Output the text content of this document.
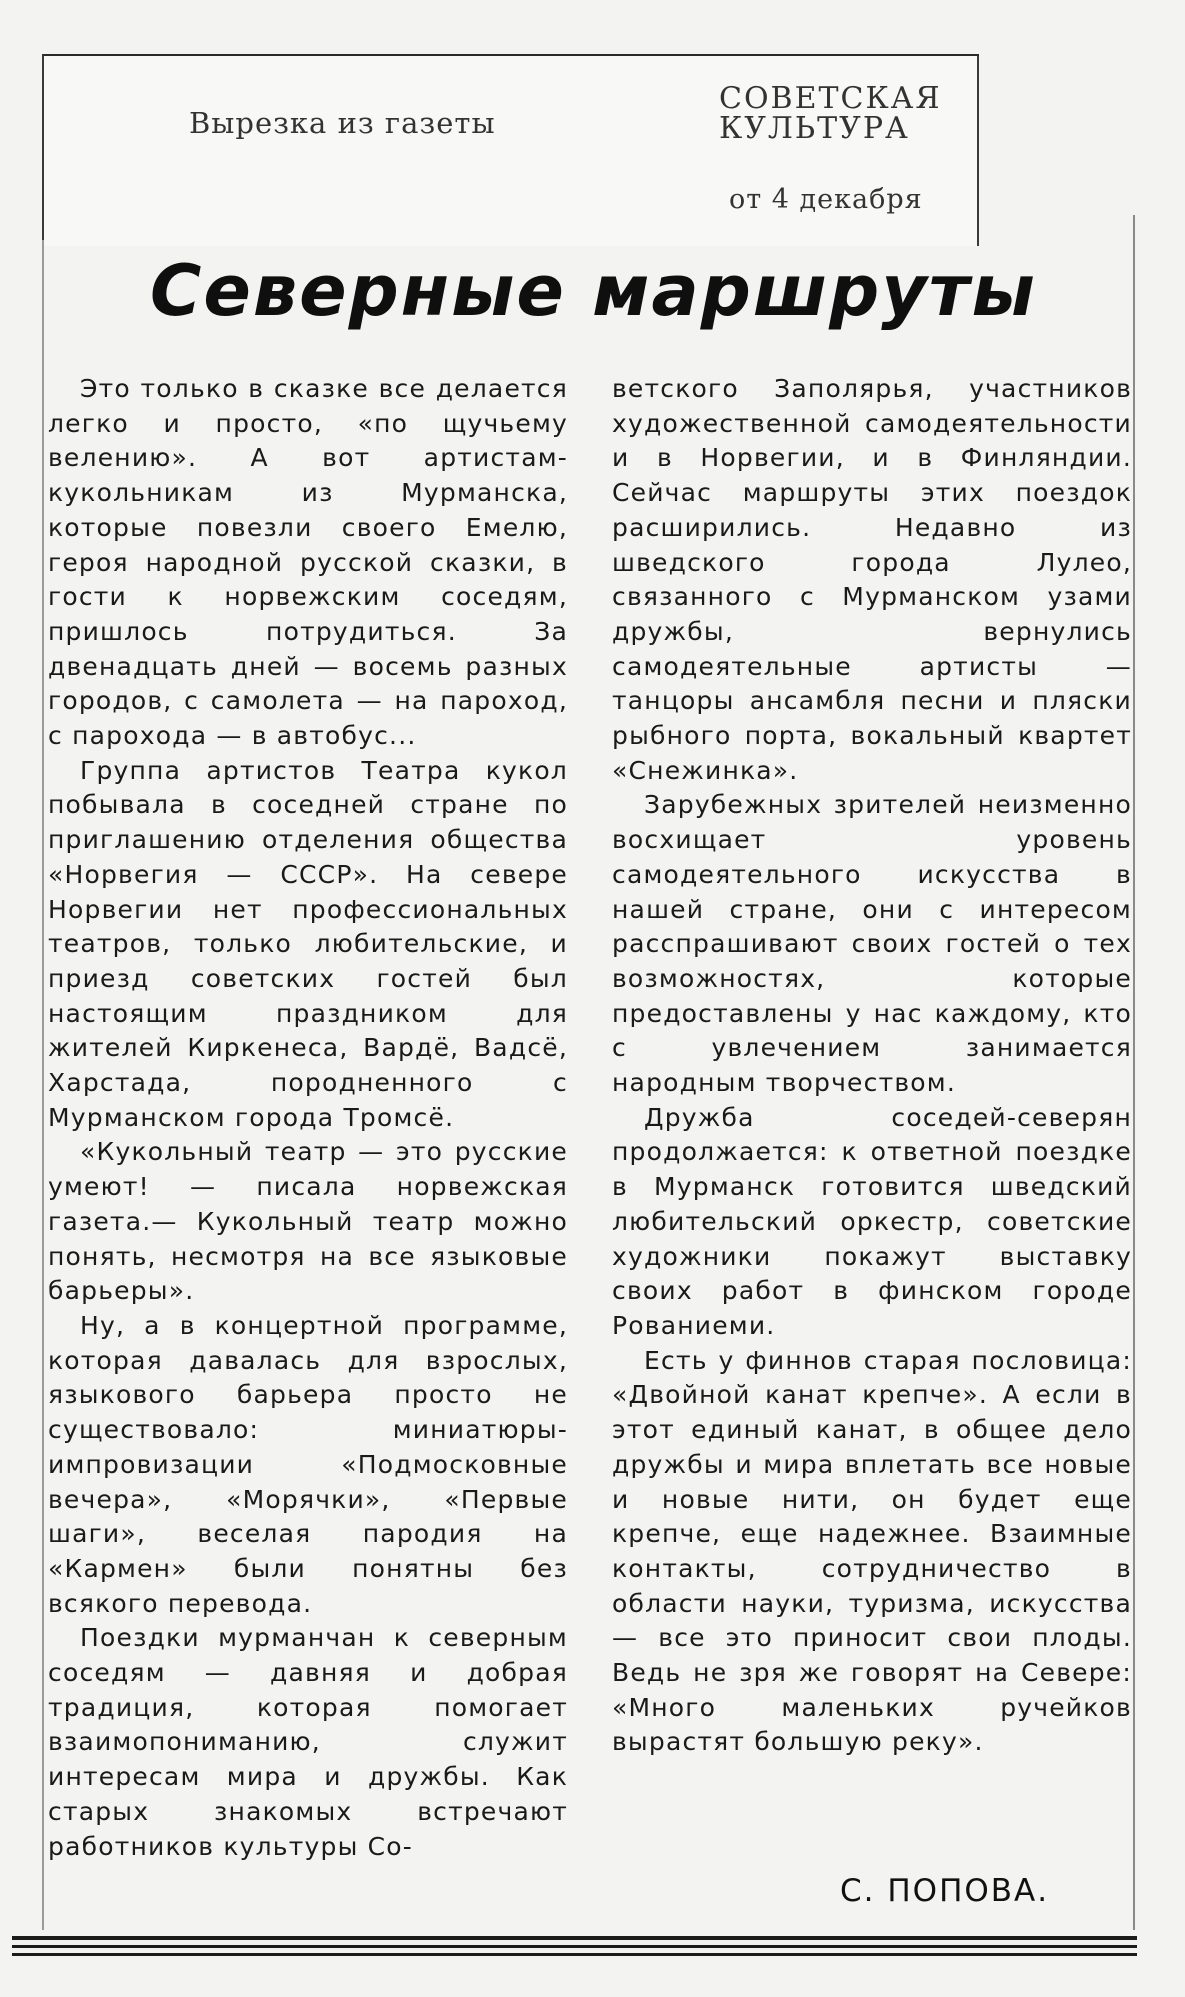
Вырезка из газеты
СОВЕТСКАЯ
КУЛЬТУРА
от 4 декабря
Северные маршруты

Это только в сказке все делается легко и просто, «по щучьему велению». А вот артистам-кукольникам из Мурманска, которые повезли своего Емелю, героя народной русской сказки, в гости к норвежским соседям, пришлось потрудиться. За двенадцать дней — восемь разных городов, с самолета — на пароход, с парохода — в автобус...

Группа артистов Театра кукол побывала в соседней стране по приглашению отделения общества «Норвегия — СССР». На севере Норвегии нет профессиональных театров, только любительские, и приезд советских гостей был настоящим праздником для жителей Киркенеса, Вардё, Вадсё, Харстада, породненного с Мурманском города Тромсё.

«Кукольный театр — это русские умеют! — писала норвежская газета.— Кукольный театр можно понять, несмотря на все языковые барьеры».

Ну, а в концертной программе, которая давалась для взрослых, языкового барьера просто не существовало: миниатюры-импровизации «Подмосковные вечера», «Морячки», «Первые шаги», веселая пародия на «Кармен» были понятны без всякого перевода.

Поездки мурманчан к северным соседям — давняя и добрая традиция, которая помогает взаимопониманию, служит интересам мира и дружбы. Как старых знакомых встречают работников культуры Со-

ветского Заполярья, участников художественной самодеятельности и в Норвегии, и в Финляндии. Сейчас маршруты этих поездок расширились. Недавно из шведского города Лулео, связанного с Мурманском узами дружбы, вернулись самодеятельные артисты — танцоры ансамбля песни и пляски рыбного порта, вокальный квартет «Снежинка».

Зарубежных зрителей неизменно восхищает уровень самодеятельного искусства в нашей стране, они с интересом расспрашивают своих гостей о тех возможностях, которые предоставлены у нас каждому, кто с увлечением занимается народным творчеством.

Дружба соседей-северян продолжается: к ответной поездке в Мурманск готовится шведский любительский оркестр, советские художники покажут выставку своих работ в финском городе Рованиеми.

Есть у финнов старая пословица: «Двойной канат крепче». А если в этот единый канат, в общее дело дружбы и мира вплетать все новые и новые нити, он будет еще крепче, еще надежнее. Взаимные контакты, сотрудничество в области науки, туризма, искусства — все это приносит свои плоды. Ведь не зря же говорят на Севере: «Много маленьких ручейков вырастят большую реку».

С. ПОПОВА.
